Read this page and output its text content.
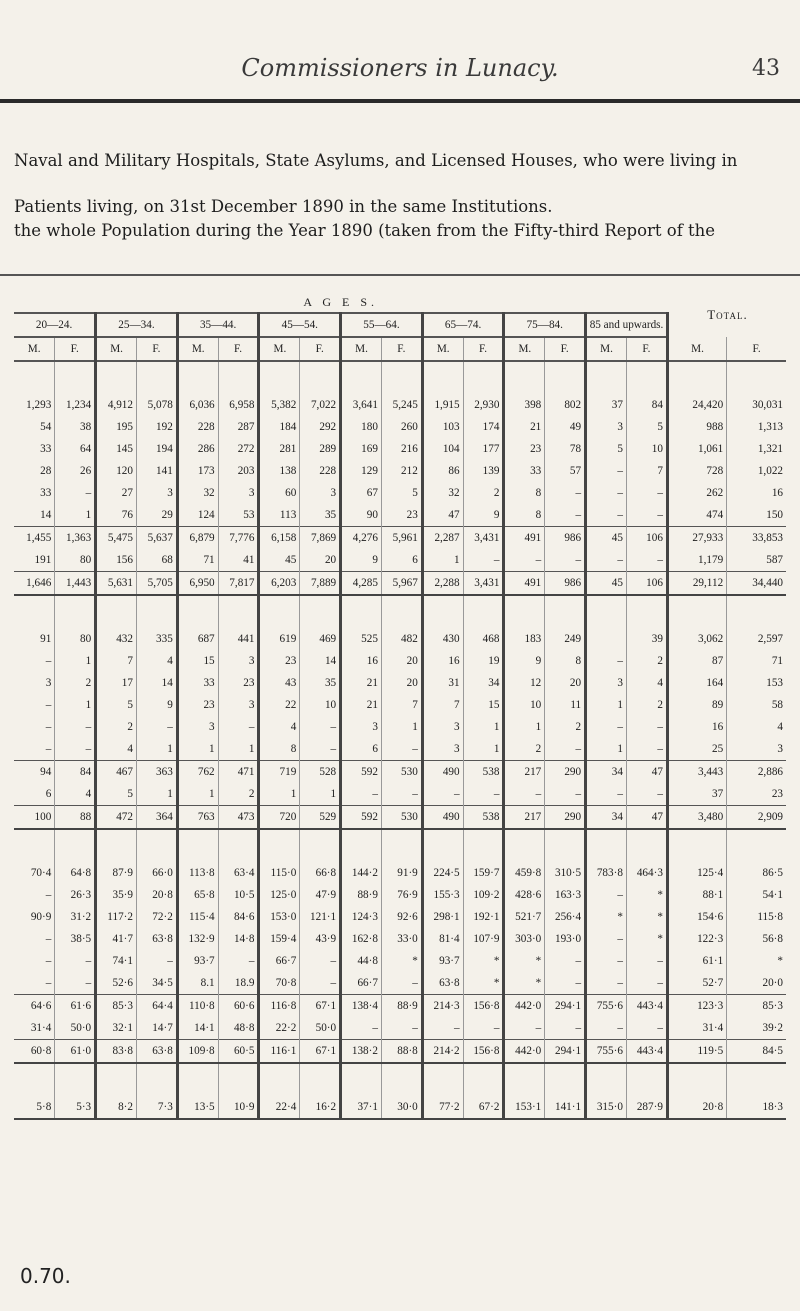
Commissioners in Lunacy.	43
Naval and Military Hospitals, State Asylums, and Licensed Houses, who were living in
Patients living, on 31st December 1890 in the same Institutions.
the whole Population during the Year 1890 (taken from the Fifty-third Report of the
A G E S.																Total.	
20—24.		25—34.		35—44.		45—54.		55—64.		65—74.		75—84.		85 and upwards.			
M.	F.	M.	F.	M.	F.	M.	F.	M.	F.	M.	F.	M.	F.	M.	F.	M.	F.

1,293	1,234	4,912	5,078	6,036	6,958	5,382	7,022	3,641	5,245	1,915	2,930	398	802	37	84	24,420	30,031
54	38	195	192	228	287	184	292	180	260	103	174	21	49	3	5	988	1,313
33	64	145	194	286	272	281	289	169	216	104	177	23	78	5	10	1,061	1,321
28	26	120	141	173	203	138	228	129	212	86	139	33	57	–	7	728	1,022
33	–	27	3	32	3	60	3	67	5	32	2	8	–	–	–	262	16
14	1	76	29	124	53	113	35	90	23	47	9	8	–	–	–	474	150
1,455	1,363	5,475	5,637	6,879	7,776	6,158	7,869	4,276	5,961	2,287	3,431	491	986	45	106	27,933	33,853
191	80	156	68	71	41	45	20	9	6	1	–	–	–	–	–	1,179	587
1,646	1,443	5,631	5,705	6,950	7,817	6,203	7,889	4,285	5,967	2,288	3,431	491	986	45	106	29,112	34,440

91	80	432	335	687	441	619	469	525	482	430	468	183	249		39	3,062	2,597
–	1	7	4	15	3	23	14	16	20	16	19	9	8	–	2	87	71
3	2	17	14	33	23	43	35	21	20	31	34	12	20	3	4	164	153
–	1	5	9	23	3	22	10	21	7	7	15	10	11	1	2	89	58
–	–	2	–	3	–	4	–	3	1	3	1	1	2	–	–	16	4
–	–	4	1	1	1	8	–	6	–	3	1	2	–	1	–	25	3
94	84	467	363	762	471	719	528	592	530	490	538	217	290	34	47	3,443	2,886
6	4	5	1	1	2	1	1	–	–	–	–	–	–	–	–	37	23
100	88	472	364	763	473	720	529	592	530	490	538	217	290	34	47	3,480	2,909

70·4	64·8	87·9	66·0	113·8	63·4	115·0	66·8	144·2	91·9	224·5	159·7	459·8	310·5	783·8	464·3	125·4	86·5
–	26·3	35·9	20·8	65·8	10·5	125·0	47·9	88·9	76·9	155·3	109·2	428·6	163·3	–	*	88·1	54·1
90·9	31·2	117·2	72·2	115·4	84·6	153·0	121·1	124·3	92·6	298·1	192·1	521·7	256·4	*	*	154·6	115·8
–	38·5	41·7	63·8	132·9	14·8	159·4	43·9	162·8	33·0	81·4	107·9	303·0	193·0	–	*	122·3	56·8
–	–	74·1	–	93·7	–	66·7	–	44·8	*	93·7	*	*	–	–	–	61·1	*
–	–	52·6	34·5	8.1	18.9	70·8	–	66·7	–	63·8	*	*	–	–	–	52·7	20·0
64·6	61·6	85·3	64·4	110·8	60·6	116·8	67·1	138·4	88·9	214·3	156·8	442·0	294·1	755·6	443·4	123·3	85·3
31·4	50·0	32·1	14·7	14·1	48·8	22·2	50·0	–	–	–	–	–	–	–	–	31·4	39·2
60·8	61·0	83·8	63·8	109·8	60·5	116·1	67·1	138·2	88·8	214·2	156·8	442·0	294·1	755·6	443·4	119·5	84·5

5·8	5·3	8·2	7·3	13·5	10·9	22·4	16·2	37·1	30·0	77·2	67·2	153·1	141·1	315·0	287·9	20·8	18·3
0.70.
